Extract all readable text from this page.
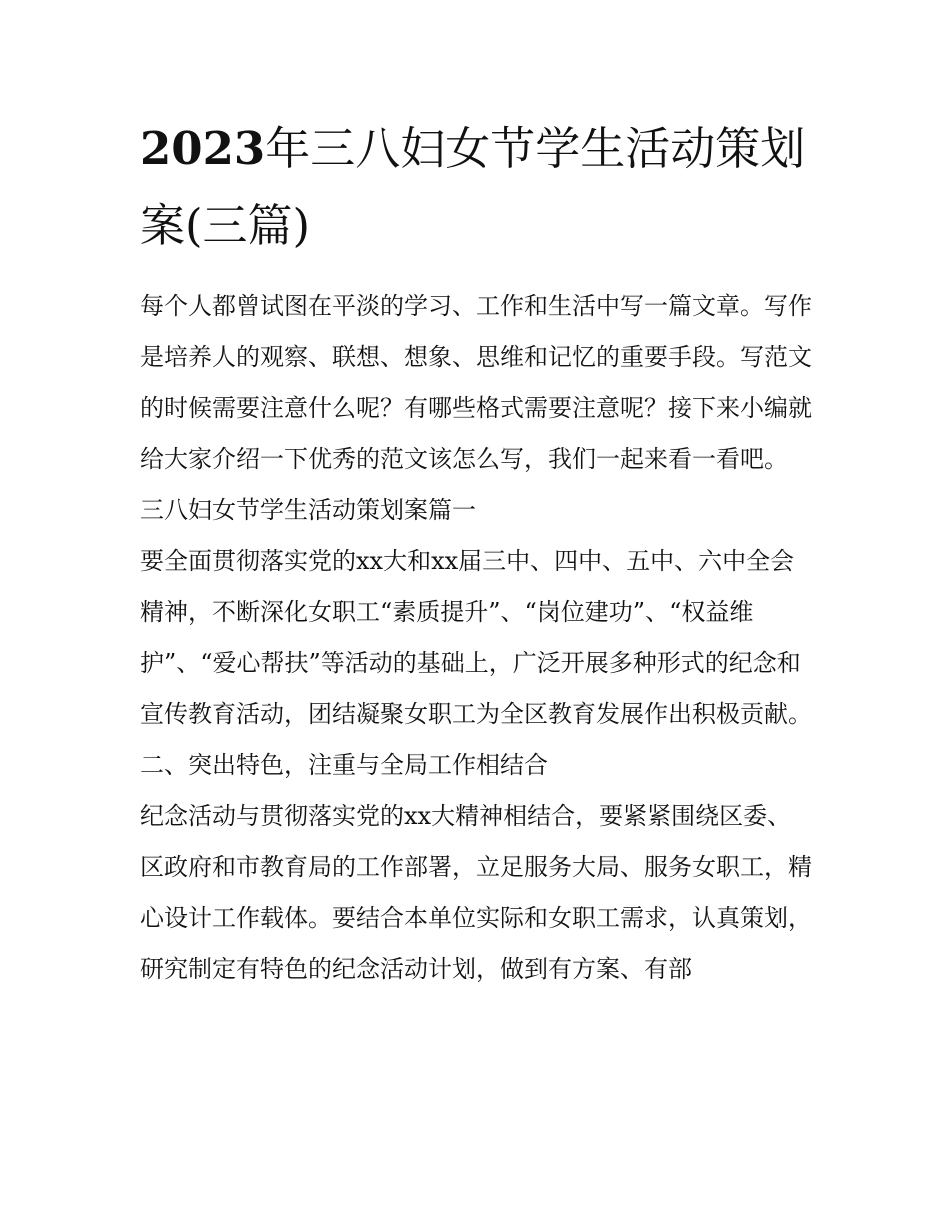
2023年三八妇女节学生活动策划案(三篇)

每个人都曾试图在平淡的学习、工作和生活中写一篇文章。写作是培养人的观察、联想、想象、思维和记忆的重要手段。写范文的时候需要注意什么呢？有哪些格式需要注意呢？接下来小编就给大家介绍一下优秀的范文该怎么写，我们一起来看一看吧。

三八妇女节学生活动策划案篇一

要全面贯彻落实党的xx大和xx届三中、四中、五中、六中全会精神，不断深化女职工“素质提升”、“岗位建功”、“权益维护”、“爱心帮扶”等活动的基础上，广泛开展多种形式的纪念和宣传教育活动，团结凝聚女职工为全区教育发展作出积极贡献。

二、突出特色，注重与全局工作相结合

纪念活动与贯彻落实党的xx大精神相结合，要紧紧围绕区委、区政府和市教育局的工作部署，立足服务大局、服务女职工，精心设计工作载体。要结合本单位实际和女职工需求，认真策划，研究制定有特色的纪念活动计划，做到有方案、有部
